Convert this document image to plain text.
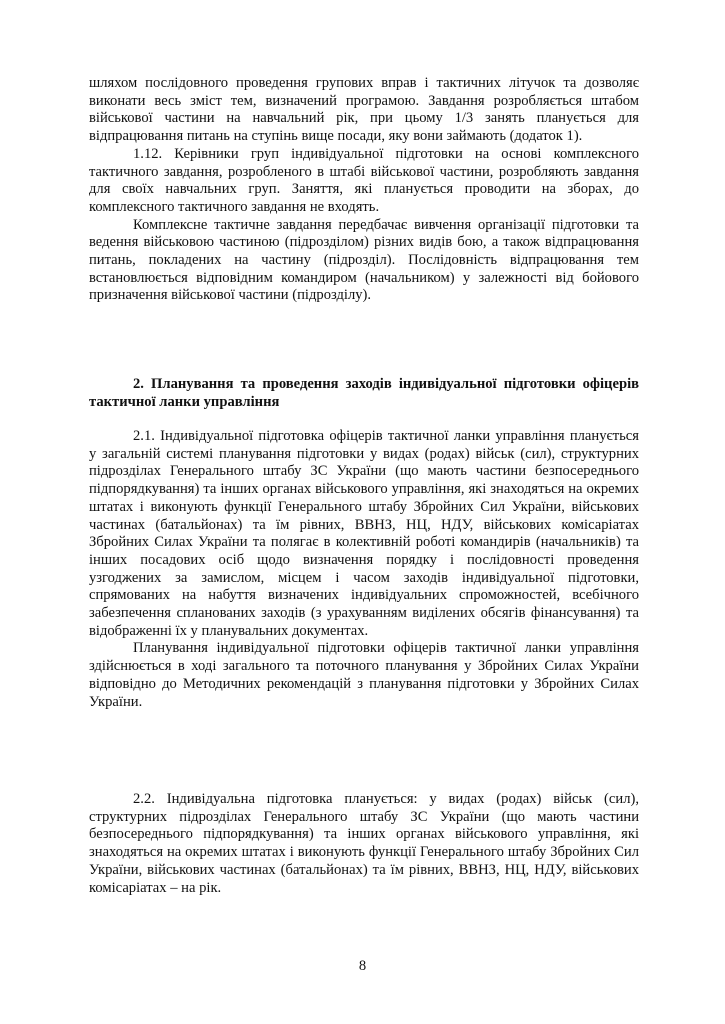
шляхом послідовного проведення групових вправ і тактичних літучок та дозволяє виконати весь зміст тем, визначений програмою. Завдання розробляється штабом військової частини на навчальний рік, при цьому 1/3 занять планується для відпрацювання питань на ступінь вище посади, яку вони займають (додаток 1).

1.12. Керівники груп індивідуальної підготовки на основі комплексного тактичного завдання, розробленого в штабі військової частини, розробляють завдання для своїх навчальних груп. Заняття, які планується проводити на зборах, до комплексного тактичного завдання не входять.

Комплексне тактичне завдання передбачає вивчення організації підготовки та ведення військовою частиною (підрозділом) різних видів бою, а також відпрацювання питань, покладених на частину (підрозділ). Послідовність відпрацювання тем встановлюється відповідним командиром (начальником) у залежності від бойового призначення військової частини (підрозділу).

2. Планування та проведення заходів індивідуальної підготовки офіцерів тактичної ланки управління

2.1. Індивідуальної підготовка офіцерів тактичної ланки управління планується у загальній системі планування підготовки у видах (родах) військ (сил), структурних підрозділах Генерального штабу ЗС України (що мають частини безпосереднього підпорядкування) та інших органах військового управління, які знаходяться на окремих штатах і виконують функції Генерального штабу Збройних Сил України, військових частинах (батальйонах) та їм рівних, ВВНЗ, НЦ, НДУ, військових комісаріатах Збройних Силах України та полягає в колективній роботі командирів (начальників) та інших посадових осіб щодо визначення порядку і послідовності проведення узгоджених за замислом, місцем і часом заходів індивідуальної підготовки, спрямованих на набуття визначених індивідуальних спроможностей, всебічного забезпечення спланованих заходів (з урахуванням виділених обсягів фінансування) та відображенні їх у планувальних документах.

Планування індивідуальної підготовки офіцерів тактичної ланки управління здійснюється в ході загального та поточного планування у Збройних Силах України відповідно до Методичних рекомендацій з планування підготовки у Збройних Силах України.

2.2. Індивідуальна підготовка планується: у видах (родах) військ (сил), структурних підрозділах Генерального штабу ЗС України (що мають частини безпосереднього підпорядкування) та інших органах військового управління, які знаходяться на окремих штатах і виконують функції Генерального штабу Збройних Сил України, військових частинах (батальйонах) та їм рівних, ВВНЗ, НЦ, НДУ, військових комісаріатах – на рік.

8
